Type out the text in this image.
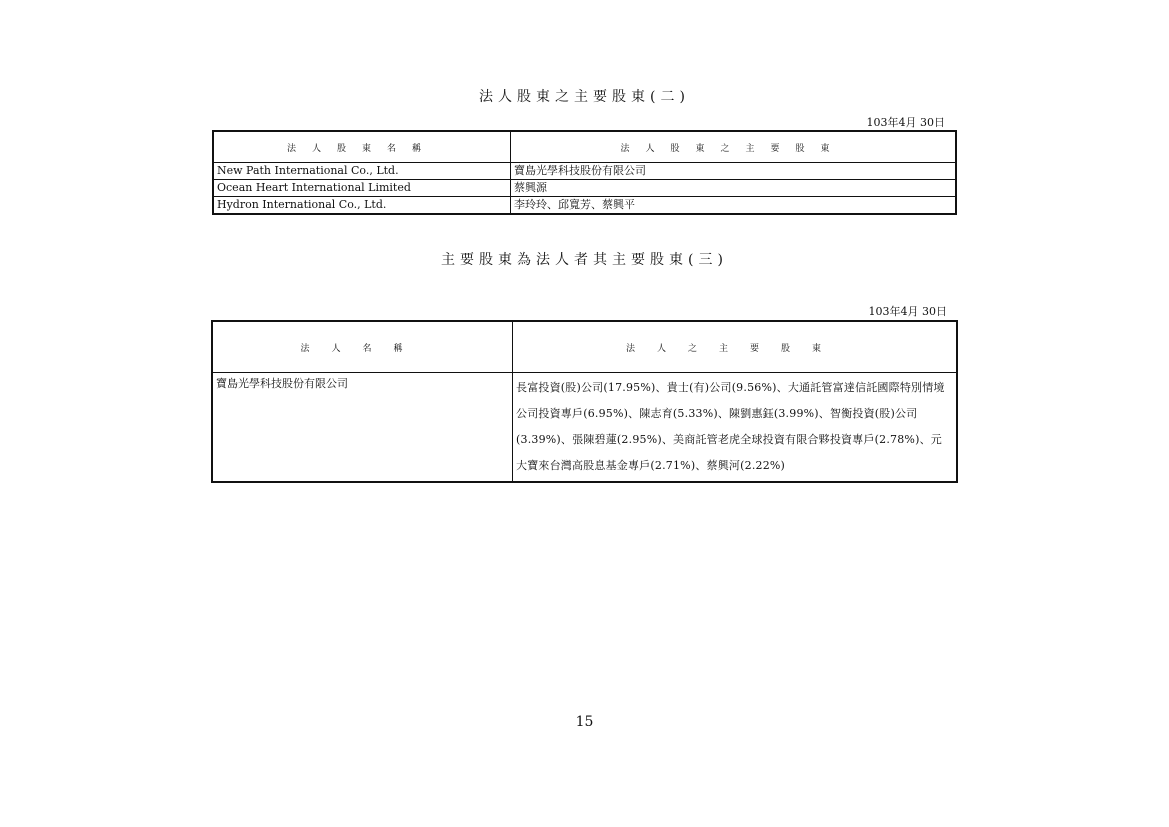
法人股東之主要股東(二)
103年4月 30日
法人股東名稱	法人股東之主要股東
New Path International Co., Ltd.	寶島光學科技股份有限公司
Ocean Heart International Limited	蔡興源
Hydron International Co., Ltd.	李玲玲、邱寬芳、蔡興平
主要股東為法人者其主要股東(三)
103年4月 30日
法人名稱	法人之主要股東
寶島光學科技股份有限公司	長富投資(股)公司(17.95%)、貴士(有)公司(9.56%)、大通託管富達信託國際特別情境公司投資專戶(6.95%)、陳志育(5.33%)、陳劉惠鈺(3.99%)、智衡投資(股)公司(3.39%)、張陳碧蓮(2.95%)、美商託管老虎全球投資有限合夥投資專戶(2.78%)、元大寶來台灣高股息基金專戶(2.71%)、蔡興河(2.22%)
15
